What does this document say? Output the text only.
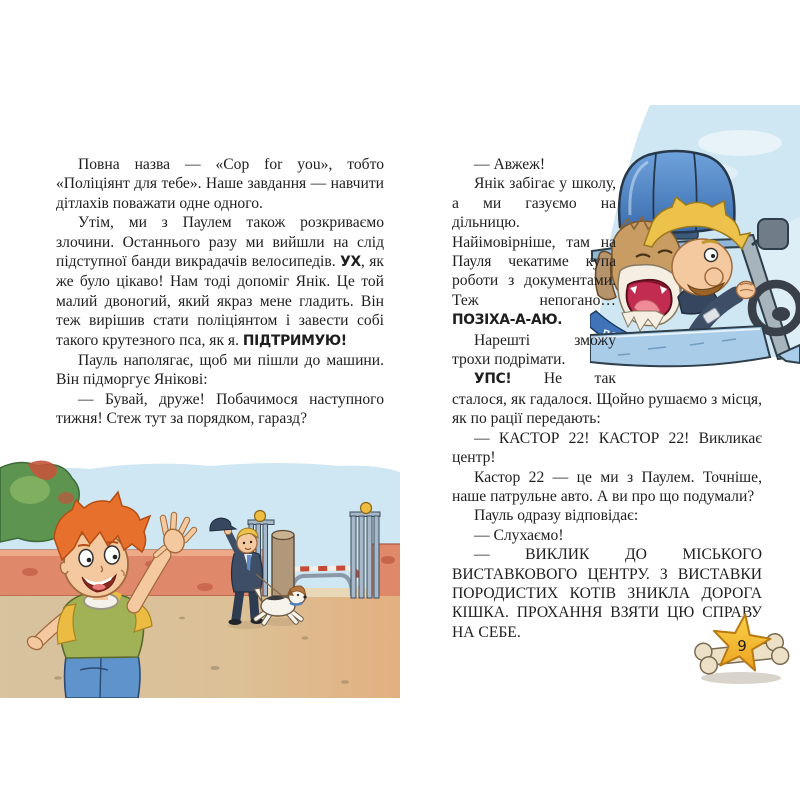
Повна назва — «Cop for you», тобто «Поліціянт для тебе». Наше завдання — навчити дітлахів поважати одне одного.

Утім, ми з Паулем також розкриваємо злочини. Останнього разу ми вийшли на слід підступної банди викрадачів велосипедів. УХ, як же було цікаво! Нам тоді допоміг Янік. Це той малий двоногий, який якраз мене гладить. Він теж вирішив стати поліціянтом і завести собі такого крутезного пса, як я. ПІДТРИМУЮ!

Пауль наполягає, щоб ми пішли до машини. Він підморгує Янікові:

— Бувай, друже! Побачимося наступного тижня! Стеж тут за порядком, гаразд?

— Авжеж!

Янік забігає у школу, а ми газуємо на дільницю. Найімовірніше, там на Пауля чекатиме купа роботи з документами. Теж непогано… ПОЗІХА-А-АЮ.

Нарешті зможу трохи подрімати.

УПС! Не так сталося, як гадалося. Щойно рушаємо з місця, як по рації передають:

— КАСТОР 22! КАСТОР 22! Викликає центр!

Кастор 22 — це ми з Паулем. Точніше, наше патрульне авто. А ви про що подумали?

Пауль одразу відповідає:

— Слухаємо!

— ВИКЛИК ДО МІСЬКОГО ВИСТАВКОВОГО ЦЕНТРУ. З ВИСТАВКИ ПОРОДИСТИХ КОТІВ ЗНИКЛА ДОРОГА КІШКА. ПРОХАННЯ ВЗЯТИ ЦЮ СПРАВУ НА СЕБЕ.

9
